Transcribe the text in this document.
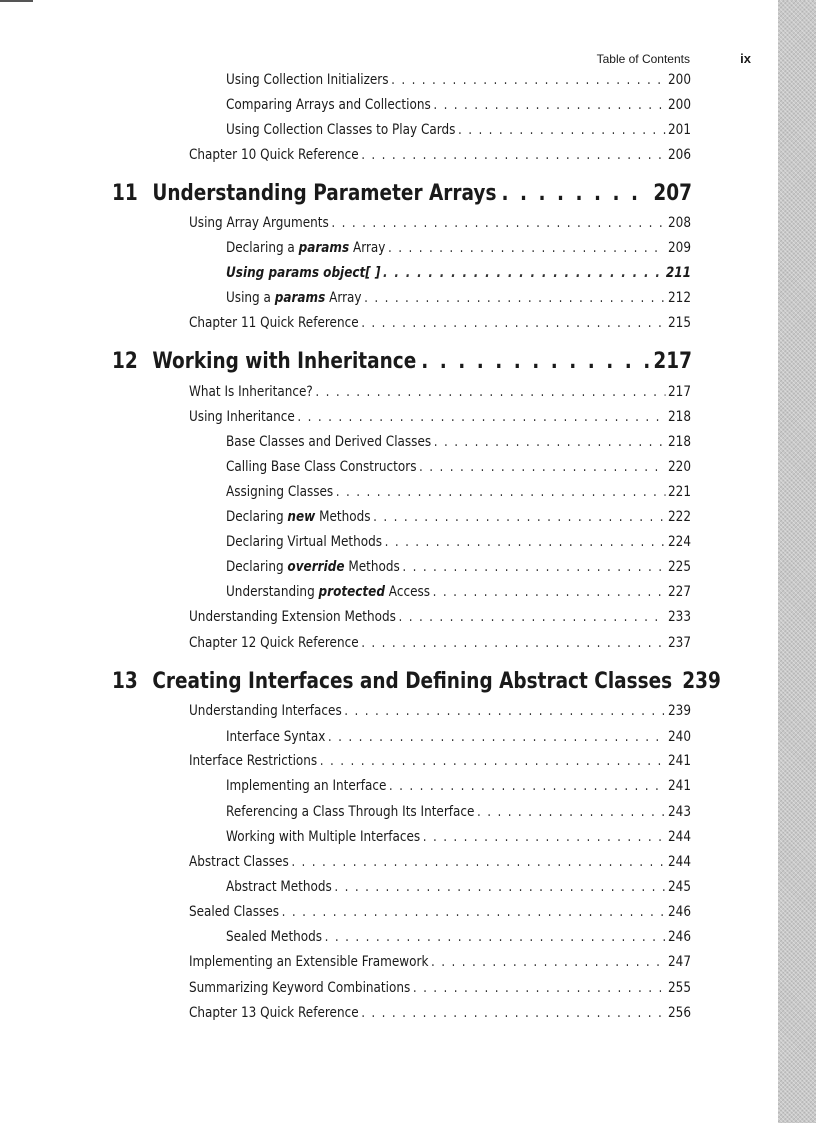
Table of Contents	ix
Using Collection Initializers . . .	200
Comparing Arrays and Collections . . .	200
Using Collection Classes to Play Cards . . .	201
Chapter 10 Quick Reference . . .	206
11 Understanding Parameter Arrays . . .	207
Using Array Arguments . . .	208
Declaring a params Array . . .	209
Using params object[ ] . . .	211
Using a params Array . . .	212
Chapter 11 Quick Reference . . .	215
12 Working with Inheritance . . .	217
What Is Inheritance? . . .	217
Using Inheritance . . .	218
Base Classes and Derived Classes . . .	218
Calling Base Class Constructors . . .	220
Assigning Classes . . .	221
Declaring new Methods . . .	222
Declaring Virtual Methods . . .	224
Declaring override Methods . . .	225
Understanding protected Access . . .	227
Understanding Extension Methods . . .	233
Chapter 12 Quick Reference . . .	237
13 Creating Interfaces and Defining Abstract Classes 239
Understanding Interfaces . . .	239
Interface Syntax . . .	240
Interface Restrictions . . .	241
Implementing an Interface . . .	241
Referencing a Class Through Its Interface . . .	243
Working with Multiple Interfaces . . .	244
Abstract Classes . . .	244
Abstract Methods . . .	245
Sealed Classes . . .	246
Sealed Methods . . .	246
Implementing an Extensible Framework . . .	247
Summarizing Keyword Combinations . . .	255
Chapter 13 Quick Reference . . .	256
